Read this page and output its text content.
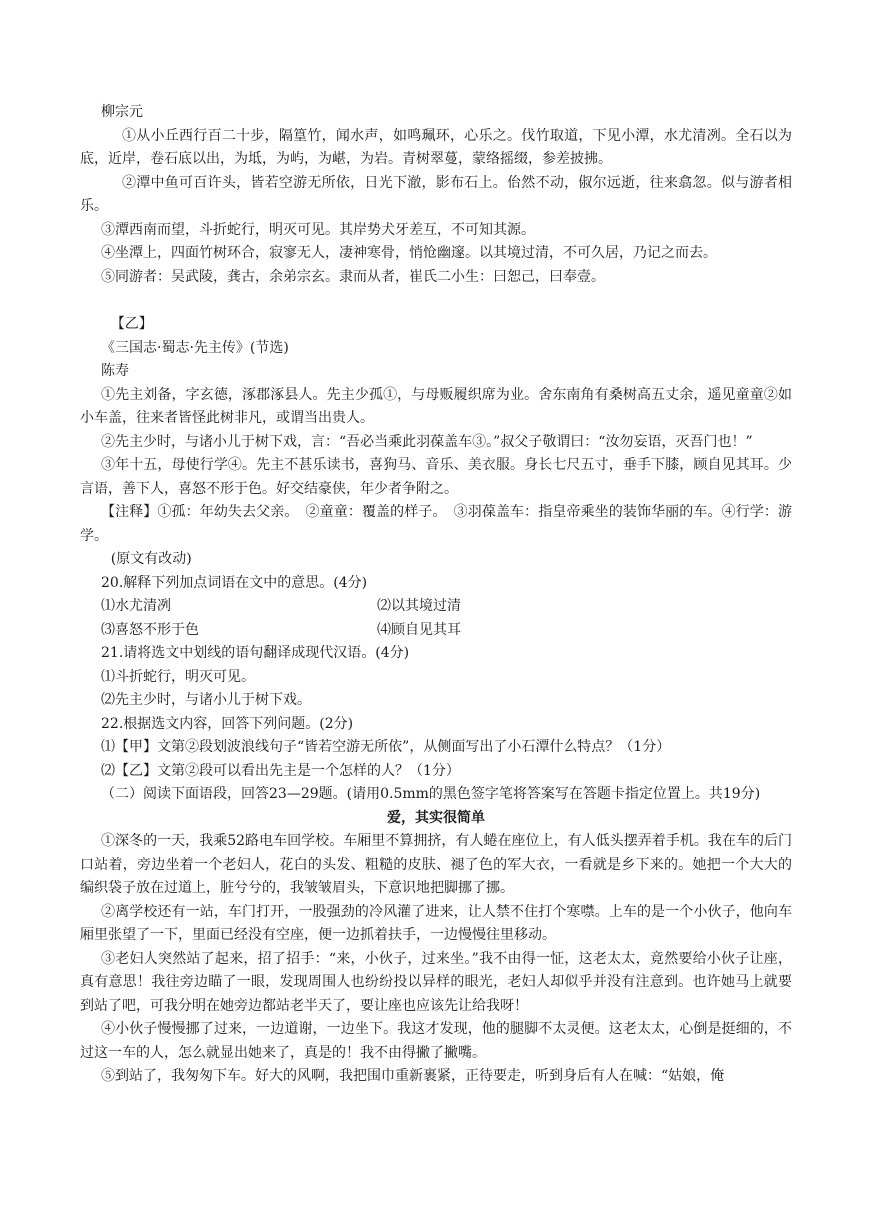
柳宗元

①从小丘西行百二十步，隔篁竹，闻水声，如鸣珮环，心乐之。伐竹取道，下见小潭，水尤清冽。全石以为底，近岸，卷石底以出，为坻，为屿，为嵁，为岩。青树翠蔓，蒙络摇缀，参差披拂。

②潭中鱼可百许头，皆若空游无所依，日光下澈，影布石上。佁然不动，俶尔远逝，往来翕忽。似与游者相乐。

③潭西南而望，斗折蛇行，明灭可见。其岸势犬牙差互，不可知其源。

④坐潭上，四面竹树环合，寂寥无人，凄神寒骨，悄怆幽邃。以其境过清，不可久居，乃记之而去。

⑤同游者：吴武陵，龚古，余弟宗玄。隶而从者，崔氏二小生：曰恕己，曰奉壹。

【乙】

《三国志·蜀志·先主传》(节选)

陈寿

①先主刘备，字玄德，涿郡涿县人。先主少孤①，与母贩履织席为业。舍东南角有桑树高五丈余，遥见童童②如小车盖，往来者皆怪此树非凡，或谓当出贵人。

②先主少时，与诸小儿于树下戏，言：“吾必当乘此羽葆盖车③。”叔父子敬谓曰：“汝勿妄语，灭吾门也！”

③年十五，母使行学④。先主不甚乐读书，喜狗马、音乐、美衣服。身长七尺五寸，垂手下膝，顾自见其耳。少言语，善下人，喜怒不形于色。好交结豪侠，年少者争附之。

【注释】①孤：年幼失去父亲。　②童童：覆盖的样子。　③羽葆盖车：指皇帝乘坐的装饰华丽的车。④行学：游学。

(原文有改动)

20.解释下列加点词语在文中的意思。(4分)

⑴水尤清冽	⑵以其境过清
⑶喜怒不形于色	⑷顾自见其耳

21.请将选文中划线的语句翻译成现代汉语。(4分)

⑴斗折蛇行，明灭可见。

⑵先主少时，与诸小儿于树下戏。

22.根据选文内容，回答下列问题。(2分)

⑴【甲】文第②段划波浪线句子“皆若空游无所依”，从侧面写出了小石潭什么特点？（1分）

⑵【乙】文第②段可以看出先主是一个怎样的人？（1分）

（二）阅读下面语段，回答23—29题。(请用0.5mm的黑色签字笔将答案写在答题卡指定位置上。共19分)

爱，其实很简单

①深冬的一天，我乘52路电车回学校。车厢里不算拥挤，有人蜷在座位上，有人低头摆弄着手机。我在车的后门口站着，旁边坐着一个老妇人，花白的头发、粗糙的皮肤、褪了色的军大衣，一看就是乡下来的。她把一个大大的编织袋子放在过道上，脏兮兮的，我皱皱眉头，下意识地把脚挪了挪。

②离学校还有一站，车门打开，一股强劲的冷风灌了进来，让人禁不住打个寒噤。上车的是一个小伙子，他向车厢里张望了一下，里面已经没有空座，便一边抓着扶手，一边慢慢往里移动。

③老妇人突然站了起来，招了招手：“来，小伙子，过来坐。”我不由得一怔，这老太太，竟然要给小伙子让座，真有意思！我往旁边瞄了一眼，发现周围人也纷纷投以异样的眼光，老妇人却似乎并没有注意到。也许她马上就要到站了吧，可我分明在她旁边都站老半天了，要让座也应该先让给我呀！

④小伙子慢慢挪了过来，一边道谢，一边坐下。我这才发现，他的腿脚不太灵便。这老太太，心倒是挺细的，不过这一车的人，怎么就显出她来了，真是的！我不由得撇了撇嘴。

⑤到站了，我匆匆下车。好大的风啊，我把围巾重新裹紧，正待要走，听到身后有人在喊：“姑娘，俺
